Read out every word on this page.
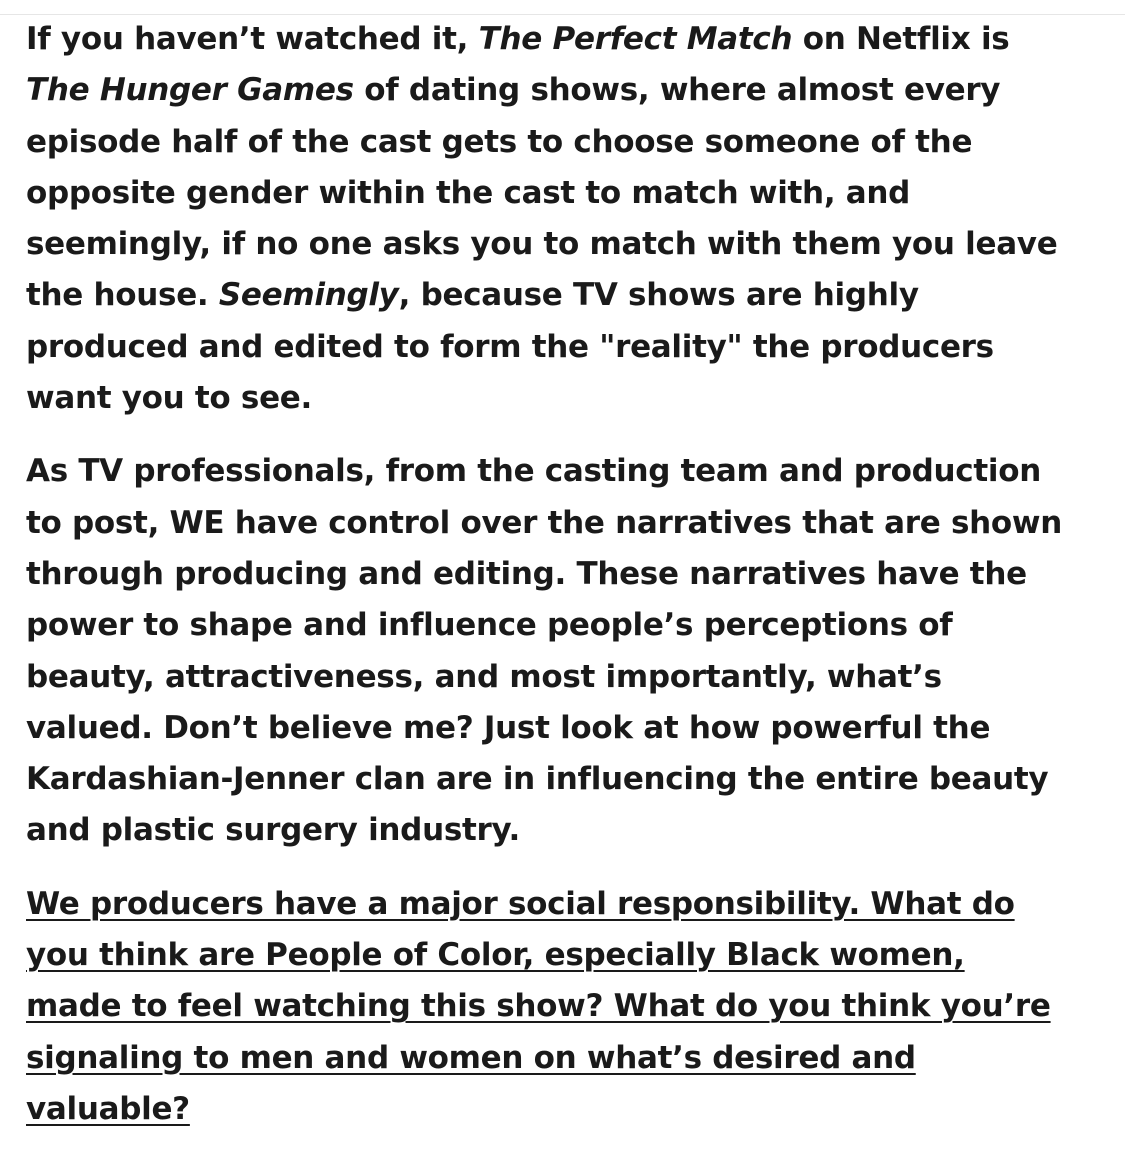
If you haven’t watched it, The Perfect Match on Netflix is
The Hunger Games of dating shows, where almost every
episode half of the cast gets to choose someone of the
opposite gender within the cast to match with, and
seemingly, if no one asks you to match with them you leave
the house. Seemingly, because TV shows are highly
produced and edited to form the "reality" the producers
want you to see.

As TV professionals, from the casting team and production
to post, WE have control over the narratives that are shown
through producing and editing. These narratives have the
power to shape and influence people’s perceptions of
beauty, attractiveness, and most importantly, what’s
valued. Don’t believe me? Just look at how powerful the
Kardashian-Jenner clan are in influencing the entire beauty
and plastic surgery industry.

We producers have a major social responsibility. What do
you think are People of Color, especially Black women,
made to feel watching this show? What do you think you’re
signaling to men and women on what’s desired and
valuable?
